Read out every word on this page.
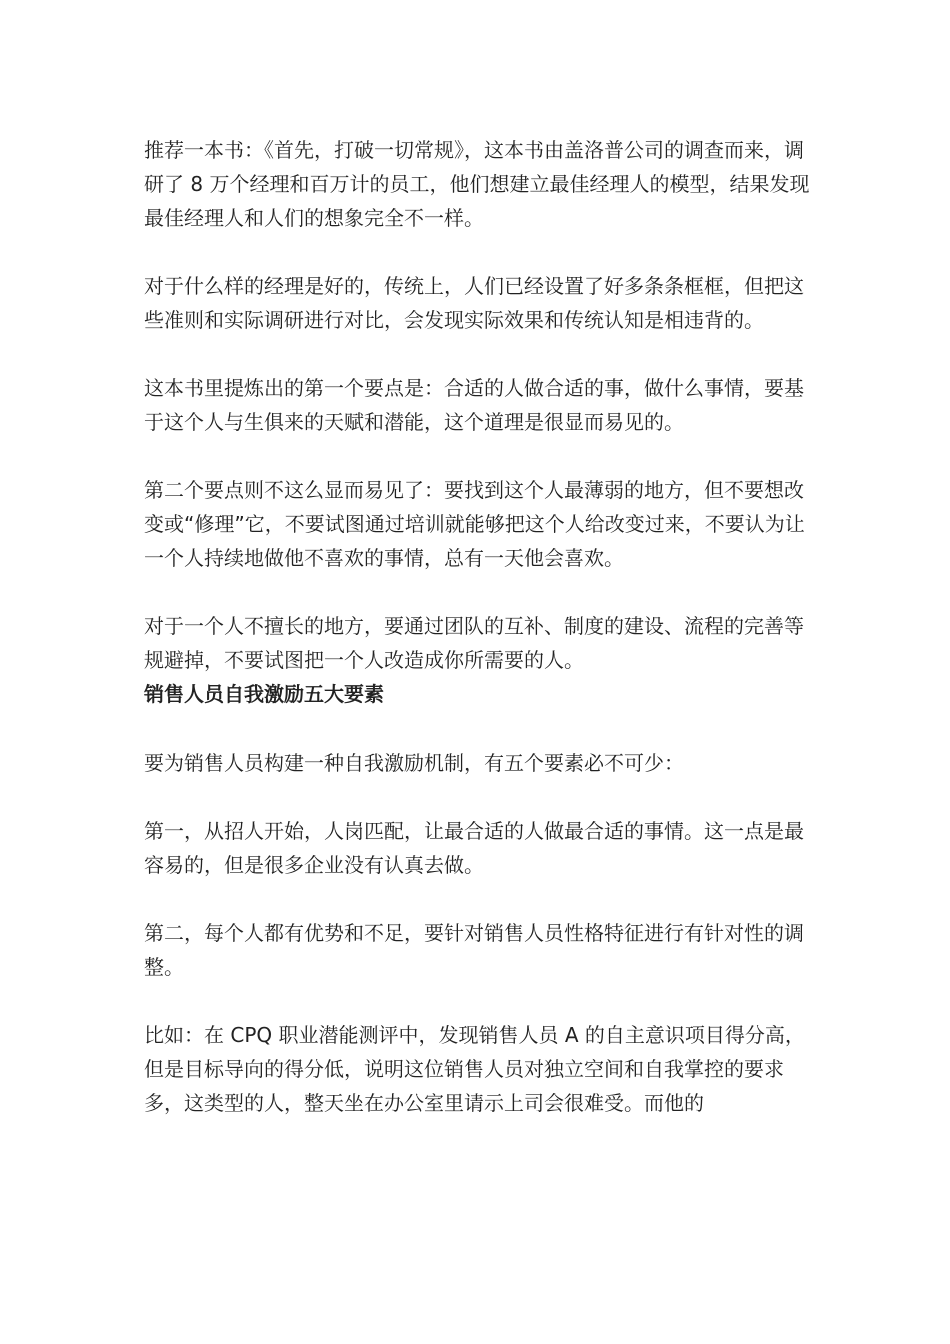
推荐一本书：《首先，打破一切常规》，这本书由盖洛普公司的调查而来，调研了 8 万个经理和百万计的员工，他们想建立最佳经理人的模型，结果发现最佳经理人和人们的想象完全不一样。

对于什么样的经理是好的，传统上，人们已经设置了好多条条框框，但把这些准则和实际调研进行对比，会发现实际效果和传统认知是相违背的。

这本书里提炼出的第一个要点是：合适的人做合适的事，做什么事情，要基于这个人与生俱来的天赋和潜能，这个道理是很显而易见的。

第二个要点则不这么显而易见了：要找到这个人最薄弱的地方，但不要想改变或“修理”它，不要试图通过培训就能够把这个人给改变过来，不要认为让一个人持续地做他不喜欢的事情，总有一天他会喜欢。

对于一个人不擅长的地方，要通过团队的互补、制度的建设、流程的完善等规避掉，不要试图把一个人改造成你所需要的人。

销售人员自我激励五大要素

要为销售人员构建一种自我激励机制，有五个要素必不可少：

第一，从招人开始，人岗匹配，让最合适的人做最合适的事情。这一点是最容易的，但是很多企业没有认真去做。

第二，每个人都有优势和不足，要针对销售人员性格特征进行有针对性的调整。

比如：在 CPQ 职业潜能测评中，发现销售人员 A 的自主意识项目得分高，但是目标导向的得分低，说明这位销售人员对独立空间和自我掌控的要求多，这类型的人，整天坐在办公室里请示上司会很难受。而他的
